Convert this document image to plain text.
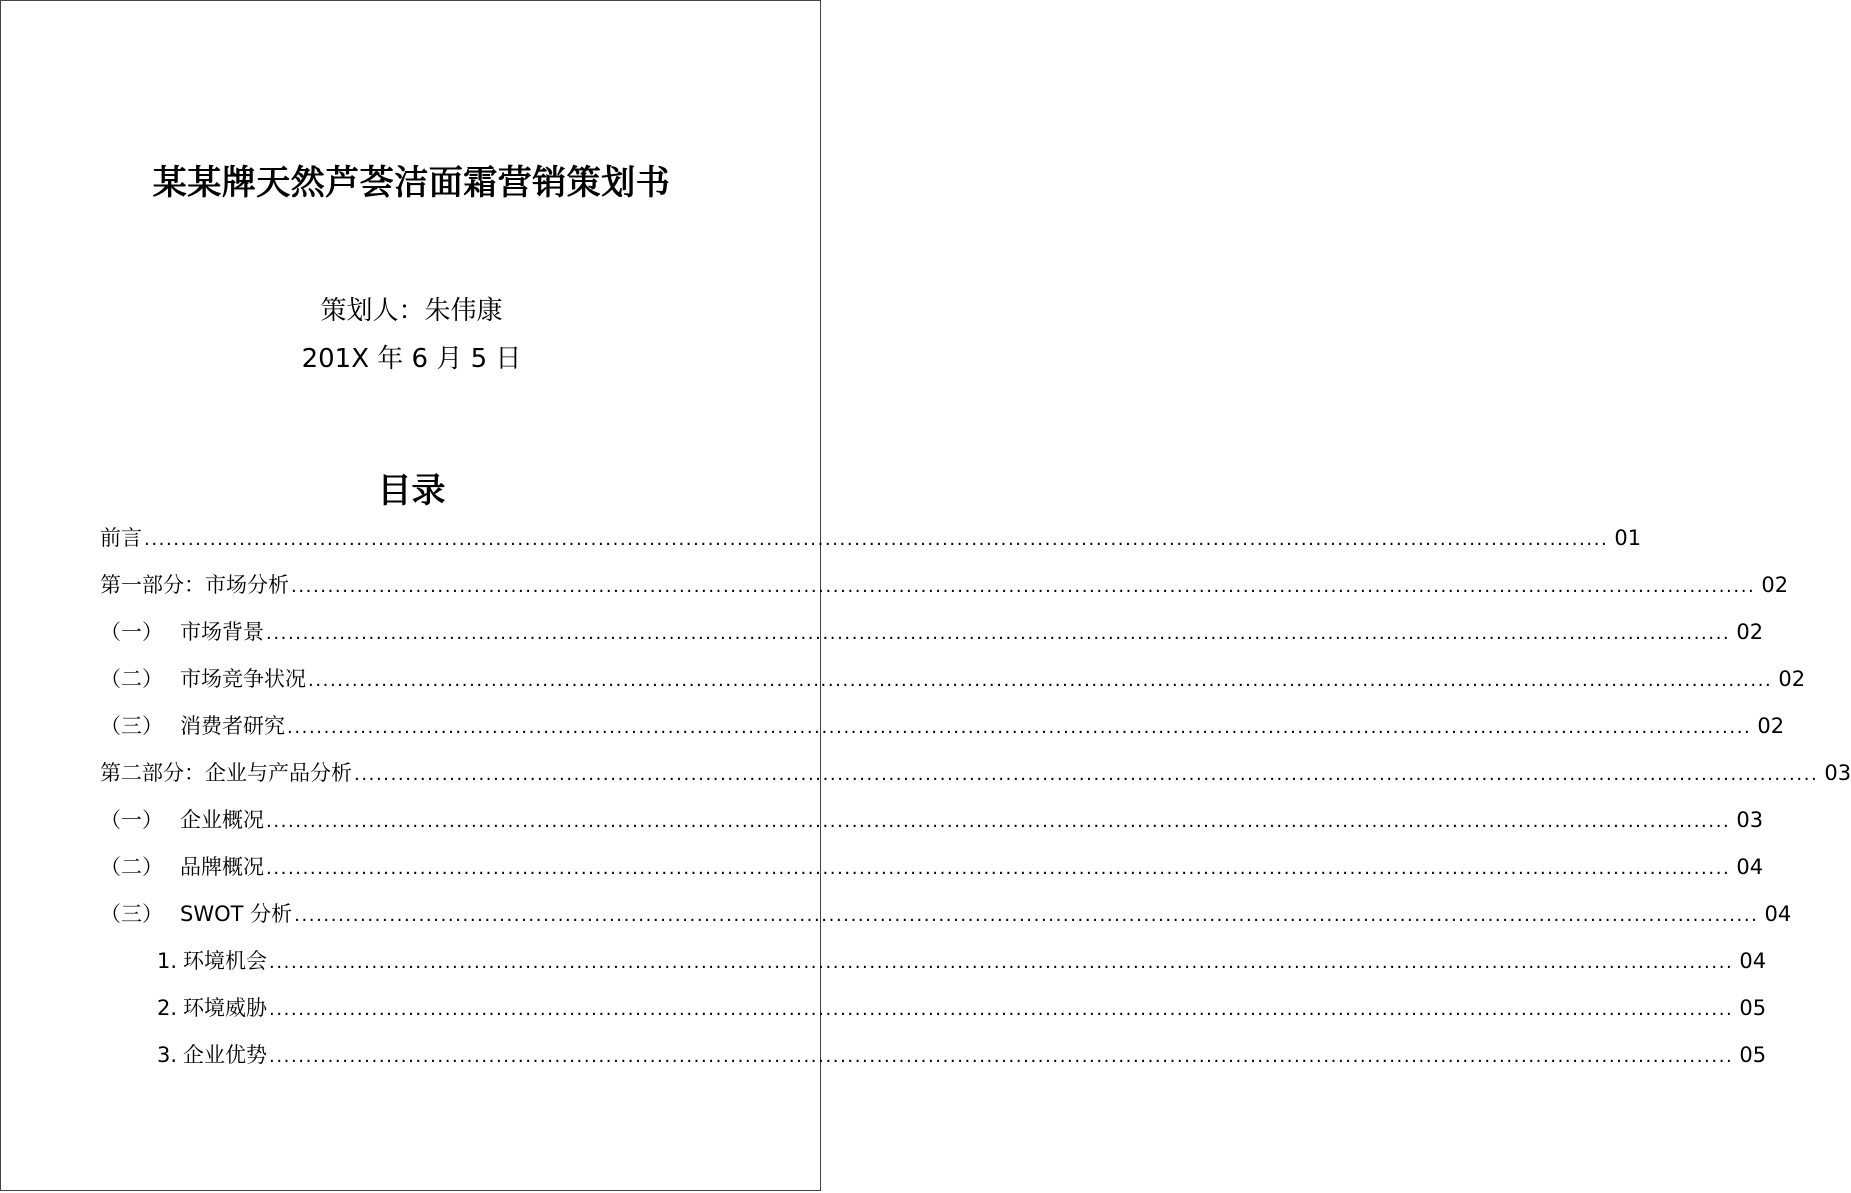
某某牌天然芦荟洁面霜营销策划书
策划人：朱伟康
201X 年 6 月 5 日
目录
前言 ........................................................................................................................................................................................................ 01
第一部分：市场分析 ........................................................................................................................................................................................................ 02
（一） 市场背景 ........................................................................................................................................................................................................ 02
（二） 市场竞争状况 ........................................................................................................................................................................................................ 02
（三） 消费者研究 ........................................................................................................................................................................................................ 02
第二部分：企业与产品分析 ........................................................................................................................................................................................................ 03
（一） 企业概况 ........................................................................................................................................................................................................ 03
（二） 品牌概况 ........................................................................................................................................................................................................ 04
（三） SWOT 分析 ........................................................................................................................................................................................................ 04
1. 环境机会 ........................................................................................................................................................................................................ 04
2. 环境威胁 ........................................................................................................................................................................................................ 05
3. 企业优势 ........................................................................................................................................................................................................ 05
